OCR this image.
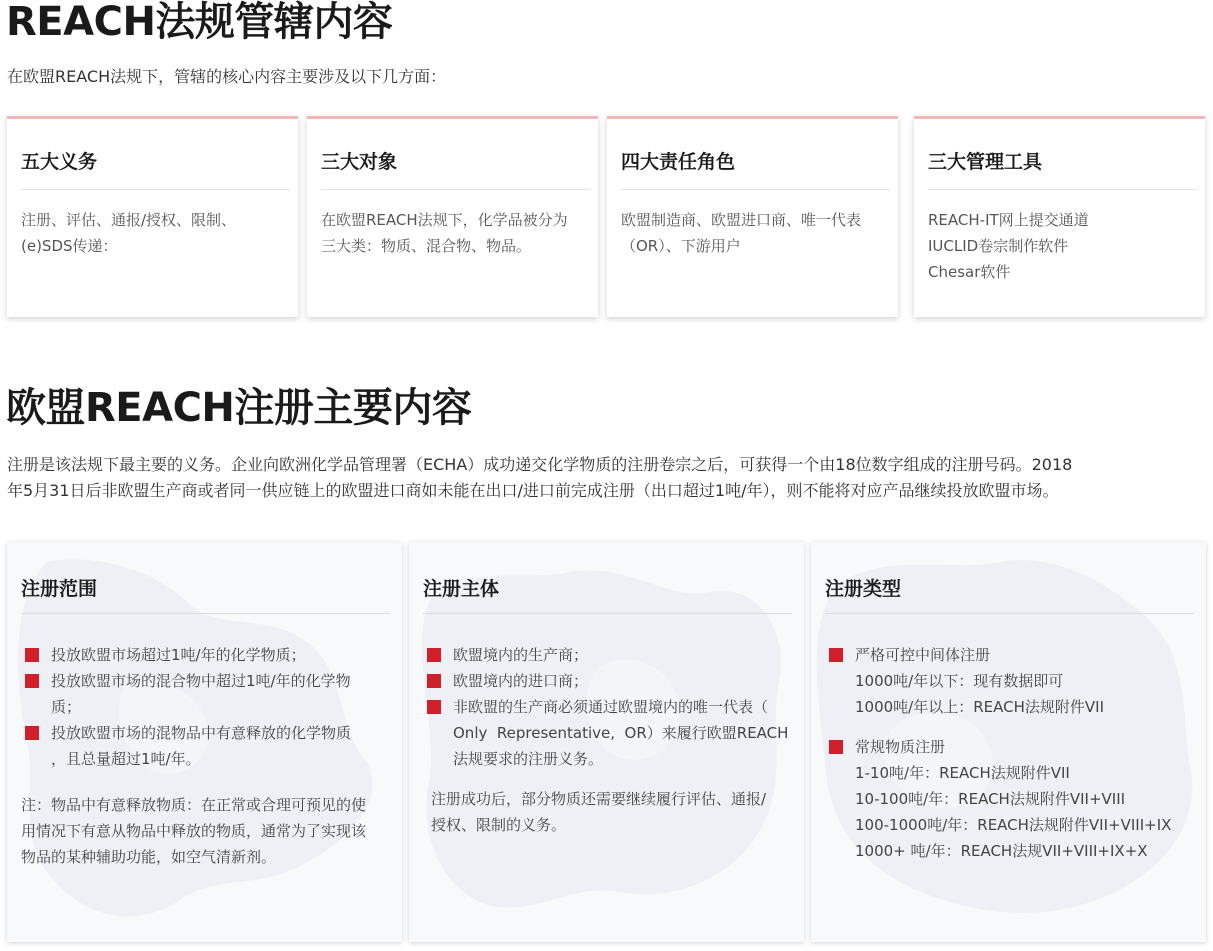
REACH法规管辖内容

在欧盟REACH法规下，管辖的核心内容主要涉及以下几方面：

五大义务
注册、评估、通报/授权、限制、
(e)SDS传递：
三大对象
在欧盟REACH法规下，化学品被分为
三大类：物质、混合物、物品。
四大责任角色
欧盟制造商、欧盟进口商、唯一代表
（OR）、下游用户
三大管理工具
REACH-IT网上提交通道
IUCLID卷宗制作软件
Chesar软件
欧盟REACH注册主要内容

注册是该法规下最主要的义务。企业向欧洲化学品管理署（ECHA）成功递交化学物质的注册卷宗之后，可获得一个由18位数字组成的注册号码。2018
年5月31日后非欧盟生产商或者同一供应链上的欧盟进口商如未能在出口/进口前完成注册（出口超过1吨/年），则不能将对应产品继续投放欧盟市场。

注册范围
投放欧盟市场超过1吨/年的化学物质；
投放欧盟市场的混合物中超过1吨/年的化学物
质；
投放欧盟市场的混物品中有意释放的化学物质
，且总量超过1吨/年。
注：物品中有意释放物质：在正常或合理可预见的使
用情况下有意从物品中释放的物质，通常为了实现该
物品的某种辅助功能，如空气清新剂。
注册主体
欧盟境内的生产商；
欧盟境内的进口商；
非欧盟的生产商必须通过欧盟境内的唯一代表（
Only  Representative,  OR）来履行欧盟REACH
法规要求的注册义务。
注册成功后，部分物质还需要继续履行评估、通报/
授权、限制的义务。
注册类型
严格可控中间体注册
1000吨/年以下：现有数据即可
1000吨/年以上：REACH法规附件VII
常规物质注册
1-10吨/年：REACH法规附件VII
10-100吨/年：REACH法规附件VII+VIII
100-1000吨/年：REACH法规附件VII+VIII+IX
1000+ 吨/年：REACH法规VII+VIII+IX+X
